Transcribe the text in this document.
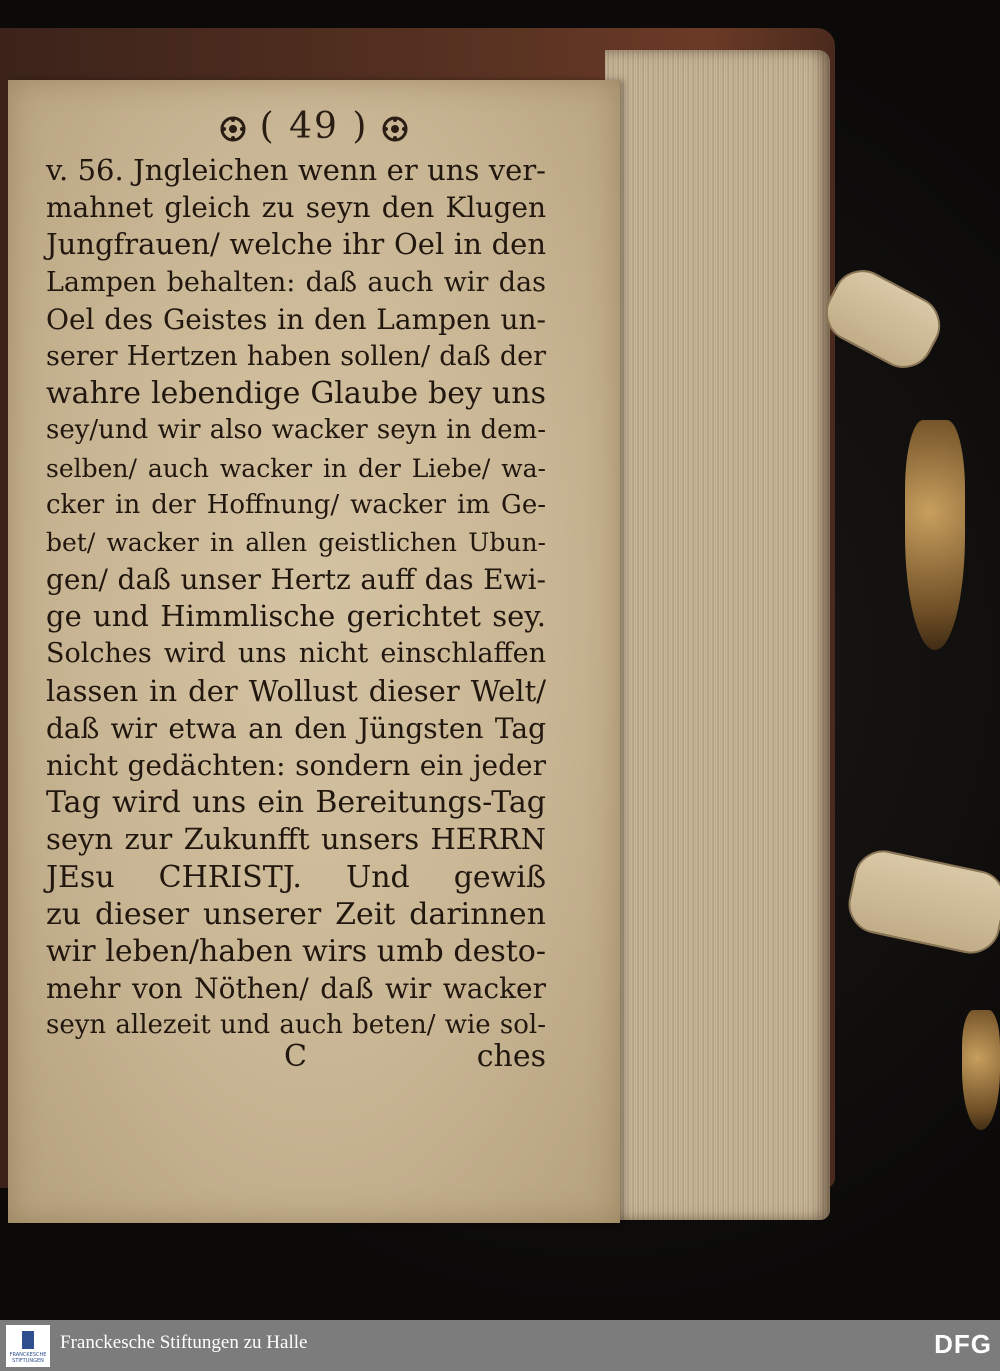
( 49 )
v. 56. Jngleichen wenn er uns ver-
mahnet gleich zu seyn den Klugen
Jungfrauen/ welche ihr Oel in den
Lampen behalten: daß auch wir das
Oel des Geistes in den Lampen un-
serer Hertzen haben sollen/ daß der
wahre lebendige Glaube bey uns
sey/und wir also wacker seyn in dem-
selben/ auch wacker in der Liebe/ wa-
cker in der Hoffnung/ wacker im Ge-
bet/ wacker in allen geistlichen Ubun-
gen/ daß unser Hertz auff das Ewi-
ge und Himmlische gerichtet sey.
Solches wird uns nicht einschlaffen
lassen in der Wollust dieser Welt/
daß wir etwa an den Jüngsten Tag
nicht gedächten: sondern ein jeder
Tag wird uns ein Bereitungs-Tag
seyn zur Zukunfft unsers HERRN
JEsu CHRISTJ. Und gewiß
zu dieser unserer Zeit darinnen
wir leben/haben wirs umb desto-
mehr von Nöthen/ daß wir wacker
seyn allezeit und auch beten/ wie sol-
C	ches
FRANCKESCHE
STIFTUNGEN
Franckesche Stiftungen zu Halle	DFG
